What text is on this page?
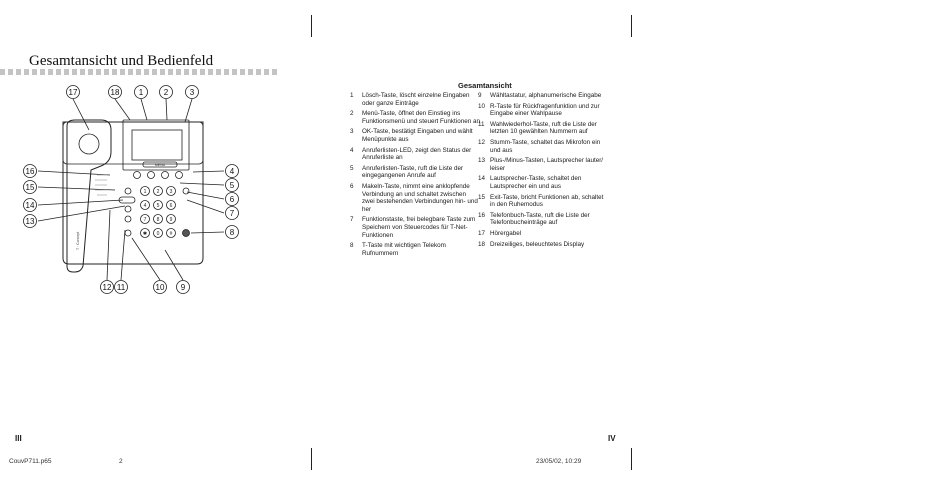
Gesamtansicht und Bedienfeld
17	18 1	2	3
16
15
14
13
4
5
6
7
8
12 11	10 9
1 2 3
4 5 6
7 8 9
✱ 0 #
MENU
T · Concept
Gesamtansicht
1	Lösch-Taste, löscht einzelne Eingaben oder ganze Einträge
2	Menü-Taste, öffnet den Einstieg ins Funktionsmenü und steuert Funktionen an
3	OK-Taste, bestätigt Eingaben und wählt Menüpunkte aus
4	Anruferlisten-LED, zeigt den Status der Anruferliste an
5	Anruferlisten-Taste, ruft die Liste der eingegangenen Anrufe auf
6	Makeln-Taste, nimmt eine anklopfende Verbindung an und schaltet zwischen zwei bestehenden Verbindungen hin- und her
7	Funktionstaste, frei belegbare Taste zum Speichern von Steuercodes für T-Net-Funktionen
8	T-Taste mit wichtigen Telekom Rufnummern
9	Wähltastatur, alphanumerische Eingabe
10 R-Taste für Rückfragenfunktion und zur Eingabe einer Wahlpause
11 Wahlwiederhol-Taste, ruft die Liste der letzten 10 gewählten Nummern auf
12 Stumm-Taste, schaltet das Mikrofon ein und aus
13 Plus-/Minus-Tasten, Lautsprecher lauter/ leiser
14 Lautsprecher-Taste, schaltet den Lautsprecher ein und aus
15 Exit-Taste, bricht Funktionen ab, schaltet in den Ruhemodus
16 Telefonbuch-Taste, ruft die Liste der Telefonbucheinträge auf
17 Hörergabel
18 Dreizeiliges, beleuchtetes Display
III	IV
CouvP711.p65	2	23/05/02, 10:29
